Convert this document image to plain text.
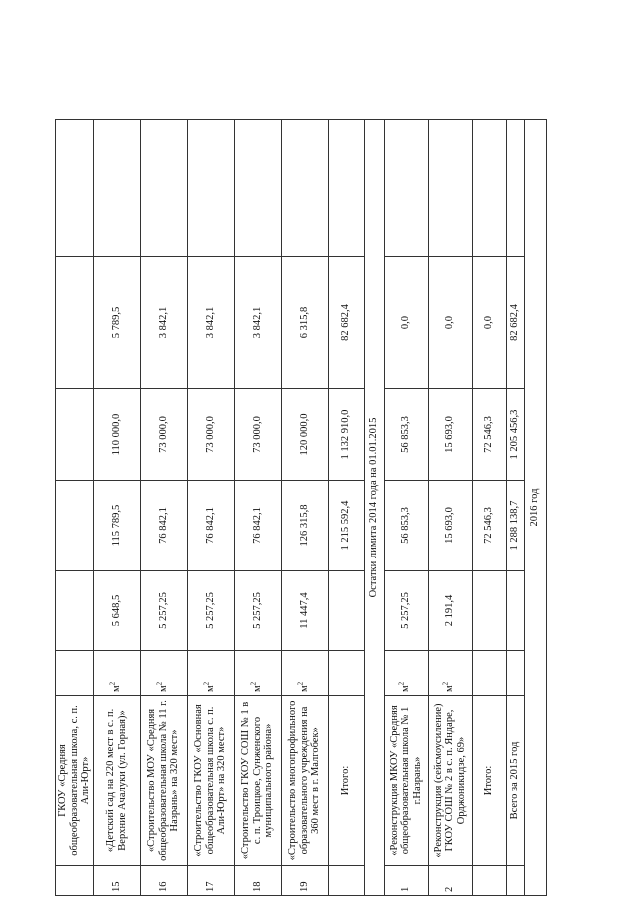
	ГКОУ «Средняя общеобразовательная школа, с. п. Али-Юрт»						
15	«Детский сад на 220 мест в с. п. Верхние Ачалуки (ул. Горная)»	$м^2$	5 648,5	115 789,5	110 000,0	5 789,5	
16	«Строительство МОУ «Средняя общеобразовательная школа № 11 г. Назрань» на 320 мест»	$м^2$	5 257,25	76 842,1	73 000,0	3 842,1	
17	«Строительство ГКОУ «Основная общеобразовательная школа с. п. Али-Юрт» на 320 мест»	$м^2$	5 257,25	76 842,1	73 000,0	3 842,1	
18	«Строительство ГКОУ СОШ № 1 в с. п. Троицкое, Сунженского муниципального района»	$м^2$	5 257,25	76 842,1	73 000,0	3 842,1	
19	«Строительство многопрофильного образовательного учреждения на 360 мест в г. Малгобек»	$м^2$	11 447,4	126 315,8	120 000,0	6 315,8	
	Итого:			1 215 592,4	1 132 910,0	82 682,4	
Остатки лимита 2014 года на 01.01.2015							
1	«Реконструкция МКОУ «Средняя общеобразовательная школа № 1 г.Назрань»	$м^2$	5 257,25	56 853,3	56 853,3	0,0	
2	«Реконструкция (сейсмоусиление) ГКОУ СОШ № 2 в с. п. Яндаре, Орджоникидзе, 69»	$м^2$	2 191,4	15 693,0	15 693,0	0,0	
	Итого:			72 546,3	72 546,3	0,0	
	Всего за 2015 год			1 288 138,7	1 205 456,3	82 682,4	
2016 год							
